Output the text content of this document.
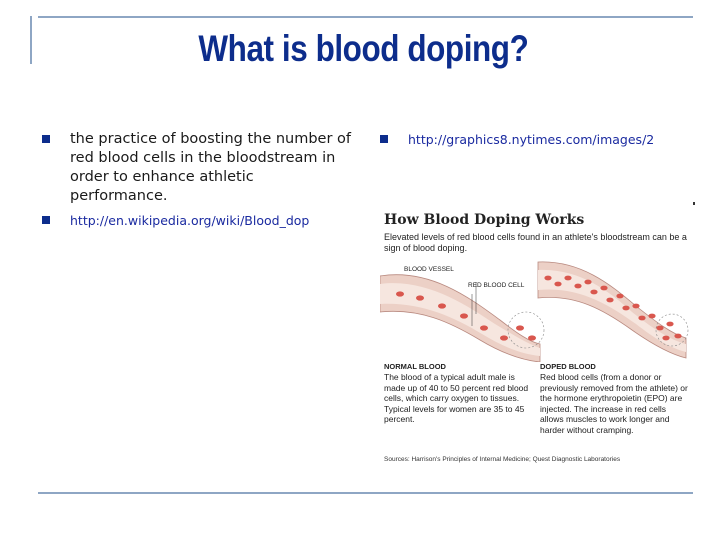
What is blood doping?
the practice of boosting the number of red blood cells in the bloodstream in order to enhance athletic performance.
http://en.wikipedia.org/wiki/Blood_dop
http://graphics8.nytimes.com/images/2
How Blood Doping Works
Elevated levels of red blood cells found in an athlete's bloodstream can be a sign of blood doping.
BLOOD VESSEL
RED BLOOD CELL
NORMAL BLOOD
The blood of a typical adult male is made up of 40 to 50 percent red blood cells, which carry oxygen to tissues. Typical levels for women are 35 to 45 percent.
DOPED BLOOD
Red blood cells (from a donor or previously removed from the athlete) or the hormone erythropoietin (EPO) are injected. The increase in red cells allows muscles to work longer and harder without cramping.
Sources: Harrison's Principles of Internal Medicine; Quest Diagnostic Laboratories
